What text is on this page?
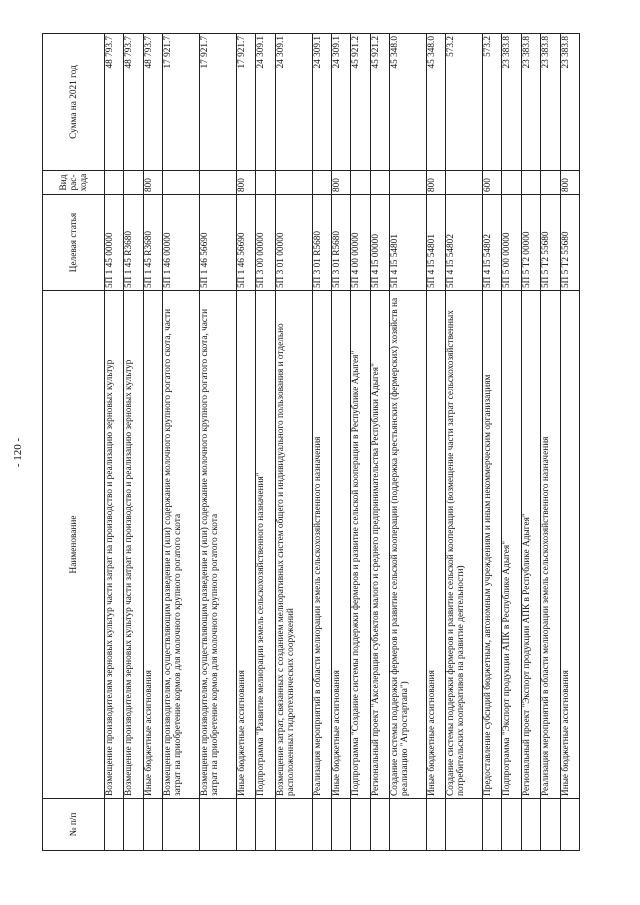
- 120 -
№ п/п	Наименование	Целевая статья	Вид рас-хода	Сумма на 2021 год
	Возмещение производителям зерновых культур части затрат на производство и реализацию зерновых культур	5П 1 45 00000		48 793.7
	Возмещение производителям зерновых культур части затрат на производство и реализацию зерновых культур	5П 1 45 R3680		48 793.7
	Иные бюджетные ассигнования	5П 1 45 R3680	800	48 793.7
	Возмещение производителям, осуществляющим разведение и (или) содержание молочного крупного рогатого скота, части затрат на приобретение кормов для молочного крупного рогатого скота	5П 1 46 00000		17 921.7
	Возмещение производителям, осуществляющим разведение и (или) содержание молочного крупного рогатого скота, части затрат на приобретение кормов для молочного крупного рогатого скота	5П 1 46 56690		17 921.7
	Иные бюджетные ассигнования	5П 1 46 56690	800	17 921.7
	Подпрограмма "Развитие мелиорации земель сельскохозяйственного назначения"	5П 3 00 00000		24 309.1
	Возмещение затрат, связанных с созданием мелиоративных систем общего и индивидуального пользования и отдельно расположенных гидротехнических сооружений	5П 3 01 00000		24 309.1
	Реализация мероприятий в области мелиорации земель сельскохозяйственного назначения	5П 3 01 R5680		24 309.1
	Иные бюджетные ассигнования	5П 3 01 R5680	800	24 309.1
	Подпрограмма "Создание системы поддержки фермеров и развитие сельской кооперации в Республике Адыгея"	5П 4 00 00000		45 921.2
	Региональный проект "Акселерация субъектов малого и среднего предпринимательства Республики Адыгея"	5П 4 I5 00000		45 921.2
	Создание системы поддержки фермеров и развитие сельской кооперации (поддержка крестьянских (фермерских) хозяйств на реализацию "Агростартапа")	5П 4 I5 54801		45 348.0
	Иные бюджетные ассигнования	5П 4 I5 54801	800	45 348.0
	Создание системы поддержки фермеров и развитие сельской кооперации (возмещение части затрат сельскохозяйственных потребительских кооперативов на развитие деятельности)	5П 4 I5 54802		573.2
	Предоставление субсидий бюджетным, автономным учреждениям и иным некоммерческим организациям	5П 4 I5 54802	600	573.2
	Подпрограмма "Экспорт продукции АПК в Республике Адыгея"	5П 5 00 00000		23 383.8
	Региональный проект "Экспорт продукции АПК в Республике Адыгея"	5П 5 T2 00000		23 383.8
	Реализация мероприятий в области мелиорации земель сельскохозяйственного назначения	5П 5 T2 55680		23 383.8
	Иные бюджетные ассигнования	5П 5 T2 55680	800	23 383.8
